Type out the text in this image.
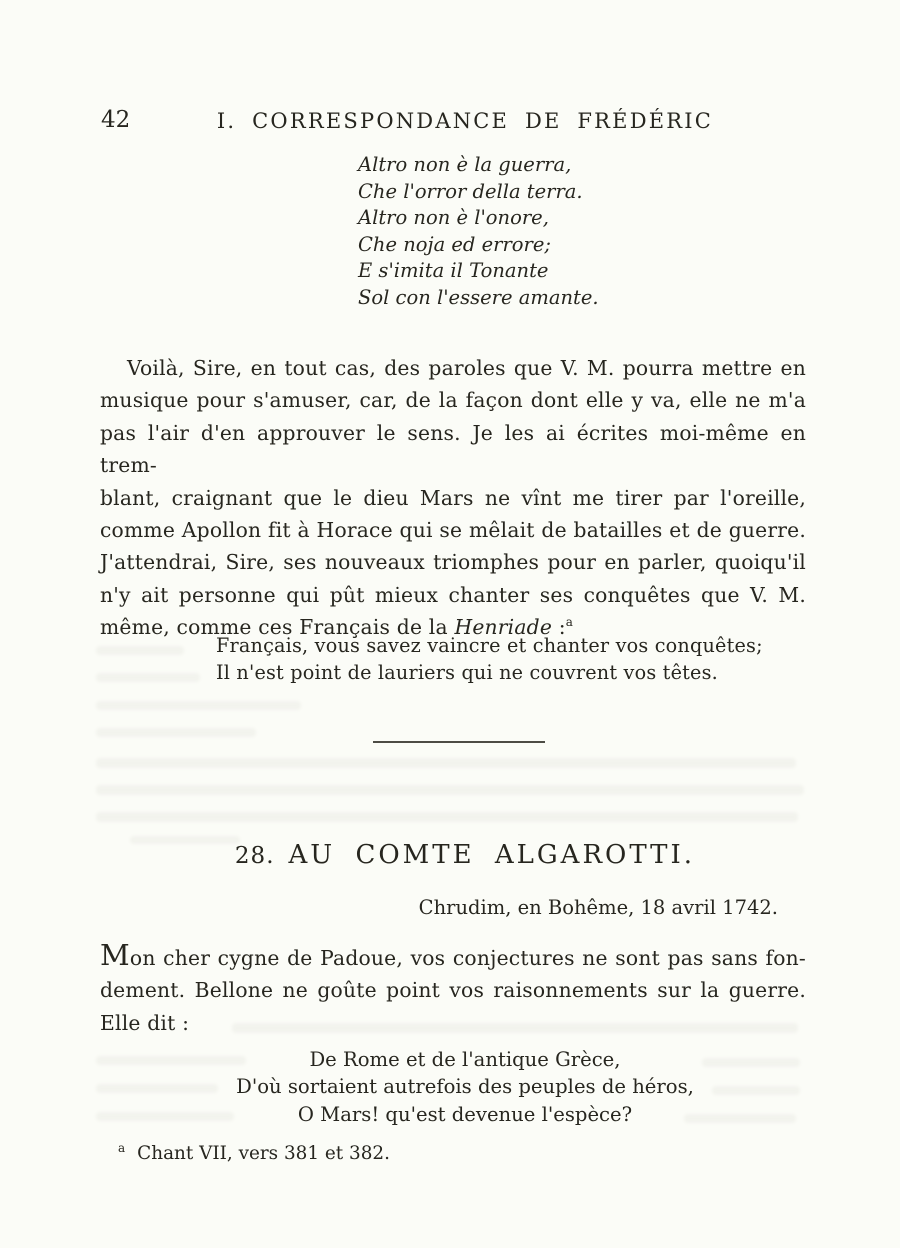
42	I. CORRESPONDANCE DE FRÉDÉRIC
Altro non è la guerra,
Che l'orror della terra.
Altro non è l'onore,
Che noja ed errore;
E s'imita il Tonante
Sol con l'essere amante.
Voilà, Sire, en tout cas, des paroles que V. M. pourra mettre en
musique pour s'amuser, car, de la façon dont elle y va, elle ne m'a
pas l'air d'en approuver le sens. Je les ai écrites moi-même en trem-
blant, craignant que le dieu Mars ne vînt me tirer par l'oreille,
comme Apollon fit à Horace qui se mêlait de batailles et de guerre.
J'attendrai, Sire, ses nouveaux triomphes pour en parler, quoiqu'il
n'y ait personne qui pût mieux chanter ses conquêtes que V. M.
même, comme ces Français de la Henriade :$^a$
Français, vous savez vaincre et chanter vos conquêtes;
Il n'est point de lauriers qui ne couvrent vos têtes.
28. AU COMTE ALGAROTTI.
Chrudim, en Bohême, 18 avril 1742.
Mon cher cygne de Padoue, vos conjectures ne sont pas sans fon-
dement. Bellone ne goûte point vos raisonnements sur la guerre.
Elle dit :
De Rome et de l'antique Grèce,
D'où sortaient autrefois des peuples de héros,
O Mars! qu'est devenue l'espèce?
$^a$ Chant VII, vers 381 et 382.
